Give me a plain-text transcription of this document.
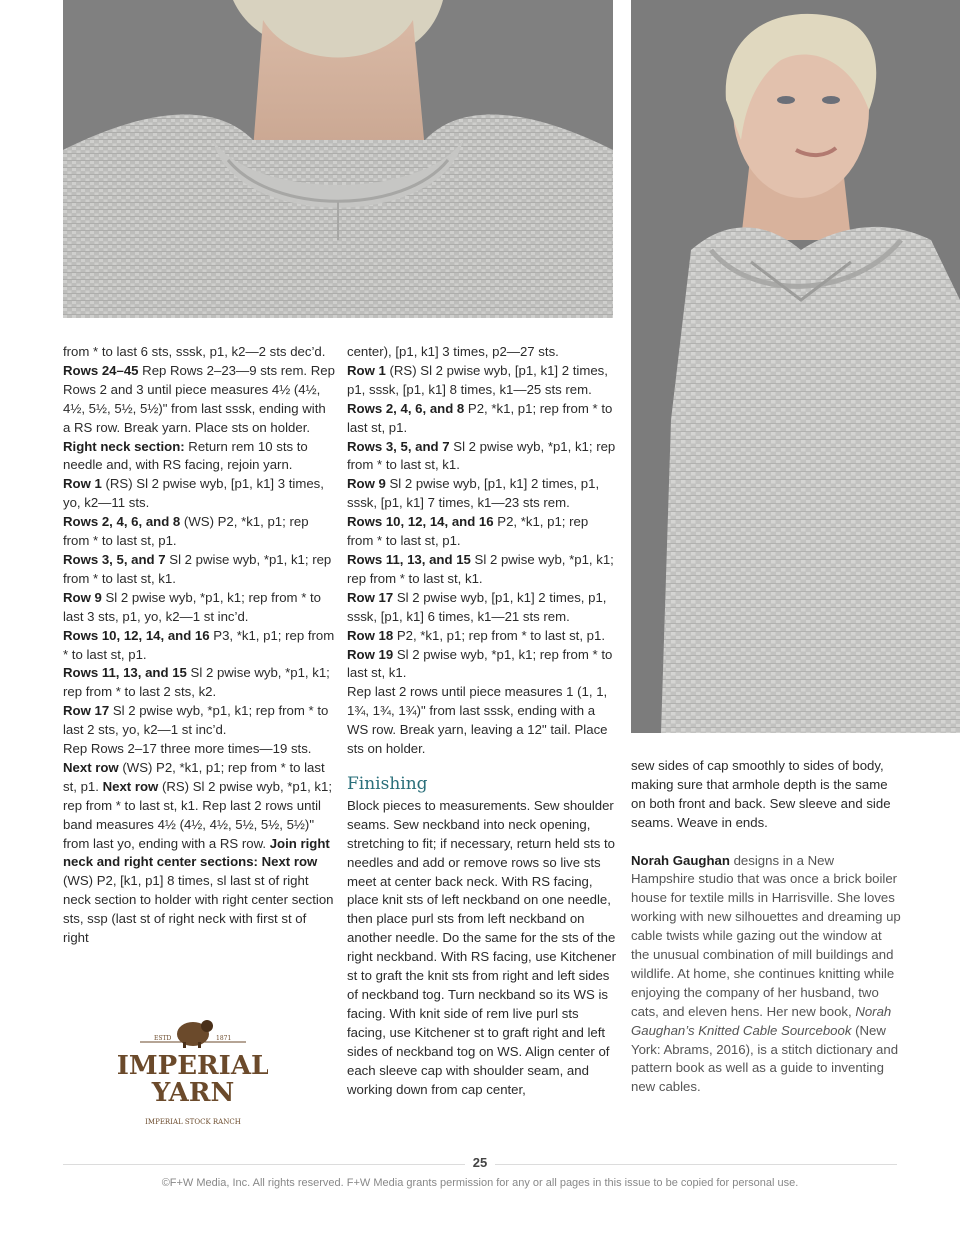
from * to last 6 sts, sssk, p1, k2—2 sts dec’d.

Rows 24–45 Rep Rows 2–23—9 sts rem. Rep Rows 2 and 3 until piece measures 4½ (4½, 4½, 5½, 5½, 5½)" from last sssk, ending with a RS row. Break yarn. Place sts on holder. Right neck section: Return rem 10 sts to needle and, with RS facing, rejoin yarn.

Row 1 (RS) Sl 2 pwise wyb, [p1, k1] 3 times, yo, k2—11 sts.

Rows 2, 4, 6, and 8 (WS) P2, *k1, p1; rep from * to last st, p1.

Rows 3, 5, and 7 Sl 2 pwise wyb, *p1, k1; rep from * to last st, k1.

Row 9 Sl 2 pwise wyb, *p1, k1; rep from * to last 3 sts, p1, yo, k2—1 st inc’d.

Rows 10, 12, 14, and 16 P3, *k1, p1; rep from * to last st, p1.

Rows 11, 13, and 15 Sl 2 pwise wyb, *p1, k1; rep from * to last 2 sts, k2.

Row 17 Sl 2 pwise wyb, *p1, k1; rep from * to last 2 sts, yo, k2—1 st inc’d.

Rep Rows 2–17 three more times—19 sts.

Next row (WS) P2, *k1, p1; rep from * to last st, p1. Next row (RS) Sl 2 pwise wyb, *p1, k1; rep from * to last st, k1. Rep last 2 rows until band measures 4½ (4½, 4½, 5½, 5½, 5½)" from last yo, ending with a RS row. Join right neck and right center sections: Next row (WS) P2, [k1, p1] 8 times, sl last st of right neck section to holder with right center section sts, ssp (last st of right neck with first st of right

center), [p1, k1] 3 times, p2—27 sts.

Row 1 (RS) Sl 2 pwise wyb, [p1, k1] 2 times, p1, sssk, [p1, k1] 8 times, k1—25 sts rem.

Rows 2, 4, 6, and 8 P2, *k1, p1; rep from * to last st, p1.

Rows 3, 5, and 7 Sl 2 pwise wyb, *p1, k1; rep from * to last st, k1.

Row 9 Sl 2 pwise wyb, [p1, k1] 2 times, p1, sssk, [p1, k1] 7 times, k1—23 sts rem.

Rows 10, 12, 14, and 16 P2, *k1, p1; rep from * to last st, p1.

Rows 11, 13, and 15 Sl 2 pwise wyb, *p1, k1; rep from * to last st, k1.

Row 17 Sl 2 pwise wyb, [p1, k1] 2 times, p1, sssk, [p1, k1] 6 times, k1—21 sts rem.

Row 18 P2, *k1, p1; rep from * to last st, p1.

Row 19 Sl 2 pwise wyb, *p1, k1; rep from * to last st, k1.

Rep last 2 rows until piece measures 1 (1, 1, 1¾, 1¾, 1¾)" from last sssk, ending with a WS row. Break yarn, leaving a 12" tail. Place sts on holder.

Finishing

Block pieces to measurements. Sew shoulder seams. Sew neckband into neck opening, stretching to fit; if necessary, return held sts to needles and add or remove rows so live sts meet at center back neck. With RS facing, place knit sts of left neckband on one needle, then place purl sts from left neckband on another needle. Do the same for the sts of the right neckband. With RS facing, use Kitchener st to graft the knit sts from right and left sides of neckband tog. Turn neckband so its WS is facing. With knit side of rem live purl sts facing, use Kitchener st to graft right and left sides of neckband tog on WS. Align center of each sleeve cap with shoulder seam, and working down from cap center,

sew sides of cap smoothly to sides of body, making sure that armhole depth is the same on both front and back. Sew sleeve and side seams. Weave in ends.

Norah Gaughan designs in a New Hampshire studio that was once a brick boiler house for textile mills in Harrisville. She loves working with new silhouettes and dreaming up cable twists while gazing out the window at the unusual combination of mill buildings and wildlife. At home, she continues knitting while enjoying the company of her husband, two cats, and eleven hens. Her new book, Norah Gaughan’s Knitted Cable Sourcebook (New York: Abrams, 2016), is a stitch dictionary and pattern book as well as a guide to inventing new cables.

ESTD	1871
IMPERIAL
YARN
IMPERIAL STOCK RANCH
25
©F+W Media, Inc. All rights reserved. F+W Media grants permission for any or all pages in this issue to be copied for personal use.
